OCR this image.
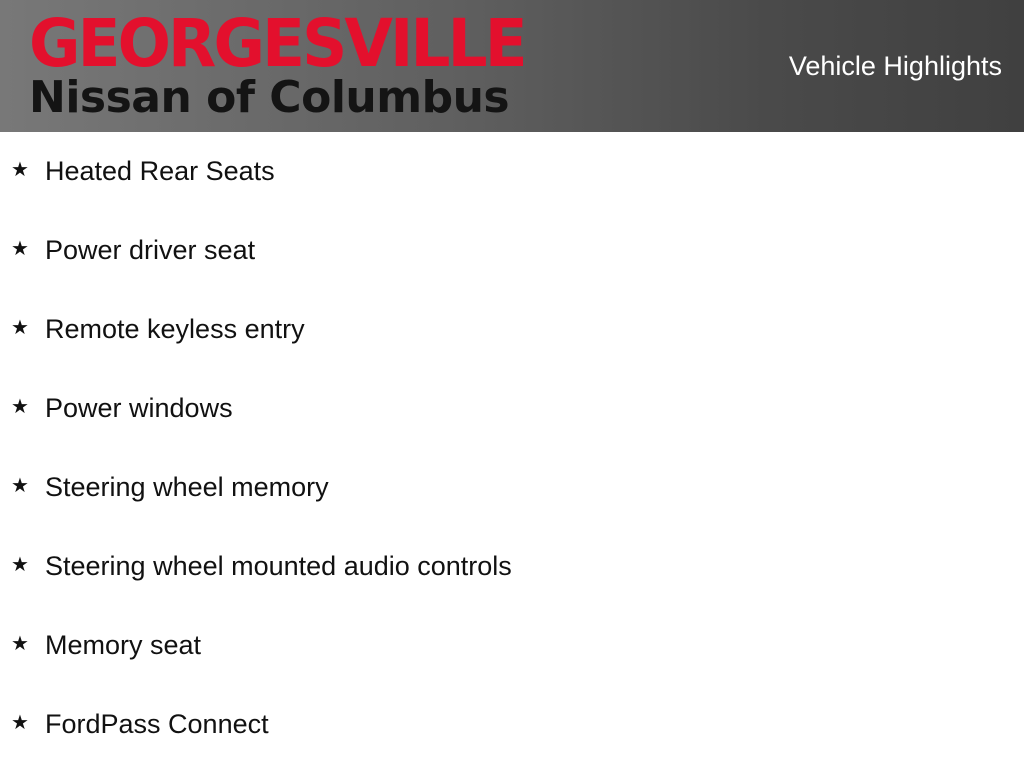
GEORGESVILLE
Nissan of Columbus
Vehicle Highlights
★ Heated Rear Seats
★ Power driver seat
★ Remote keyless entry
★ Power windows
★ Steering wheel memory
★ Steering wheel mounted audio controls
★ Memory seat
★ FordPass Connect
